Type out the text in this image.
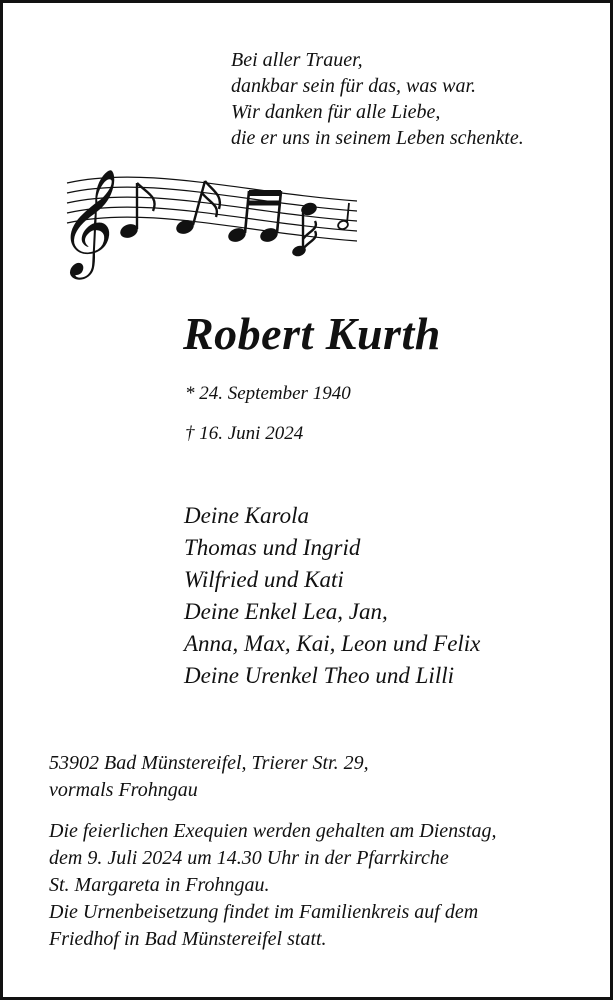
Bei aller Trauer,
dankbar sein für das, was war.
Wir danken für alle Liebe,
die er uns in seinem Leben schenkte.
𝄞
Robert Kurth
* 24. September 1940
† 16. Juni 2024
Deine Karola
Thomas und Ingrid
Wilfried und Kati
Deine Enkel Lea, Jan,
Anna, Max, Kai, Leon und Felix
Deine Urenkel Theo und Lilli
53902 Bad Münstereifel, Trierer Str. 29,
vormals Frohngau
Die feierlichen Exequien werden gehalten am Dienstag,
dem 9. Juli 2024 um 14.30 Uhr in der Pfarrkirche
St. Margareta in Frohngau.
Die Urnenbeisetzung findet im Familienkreis auf dem
Friedhof in Bad Münstereifel statt.
